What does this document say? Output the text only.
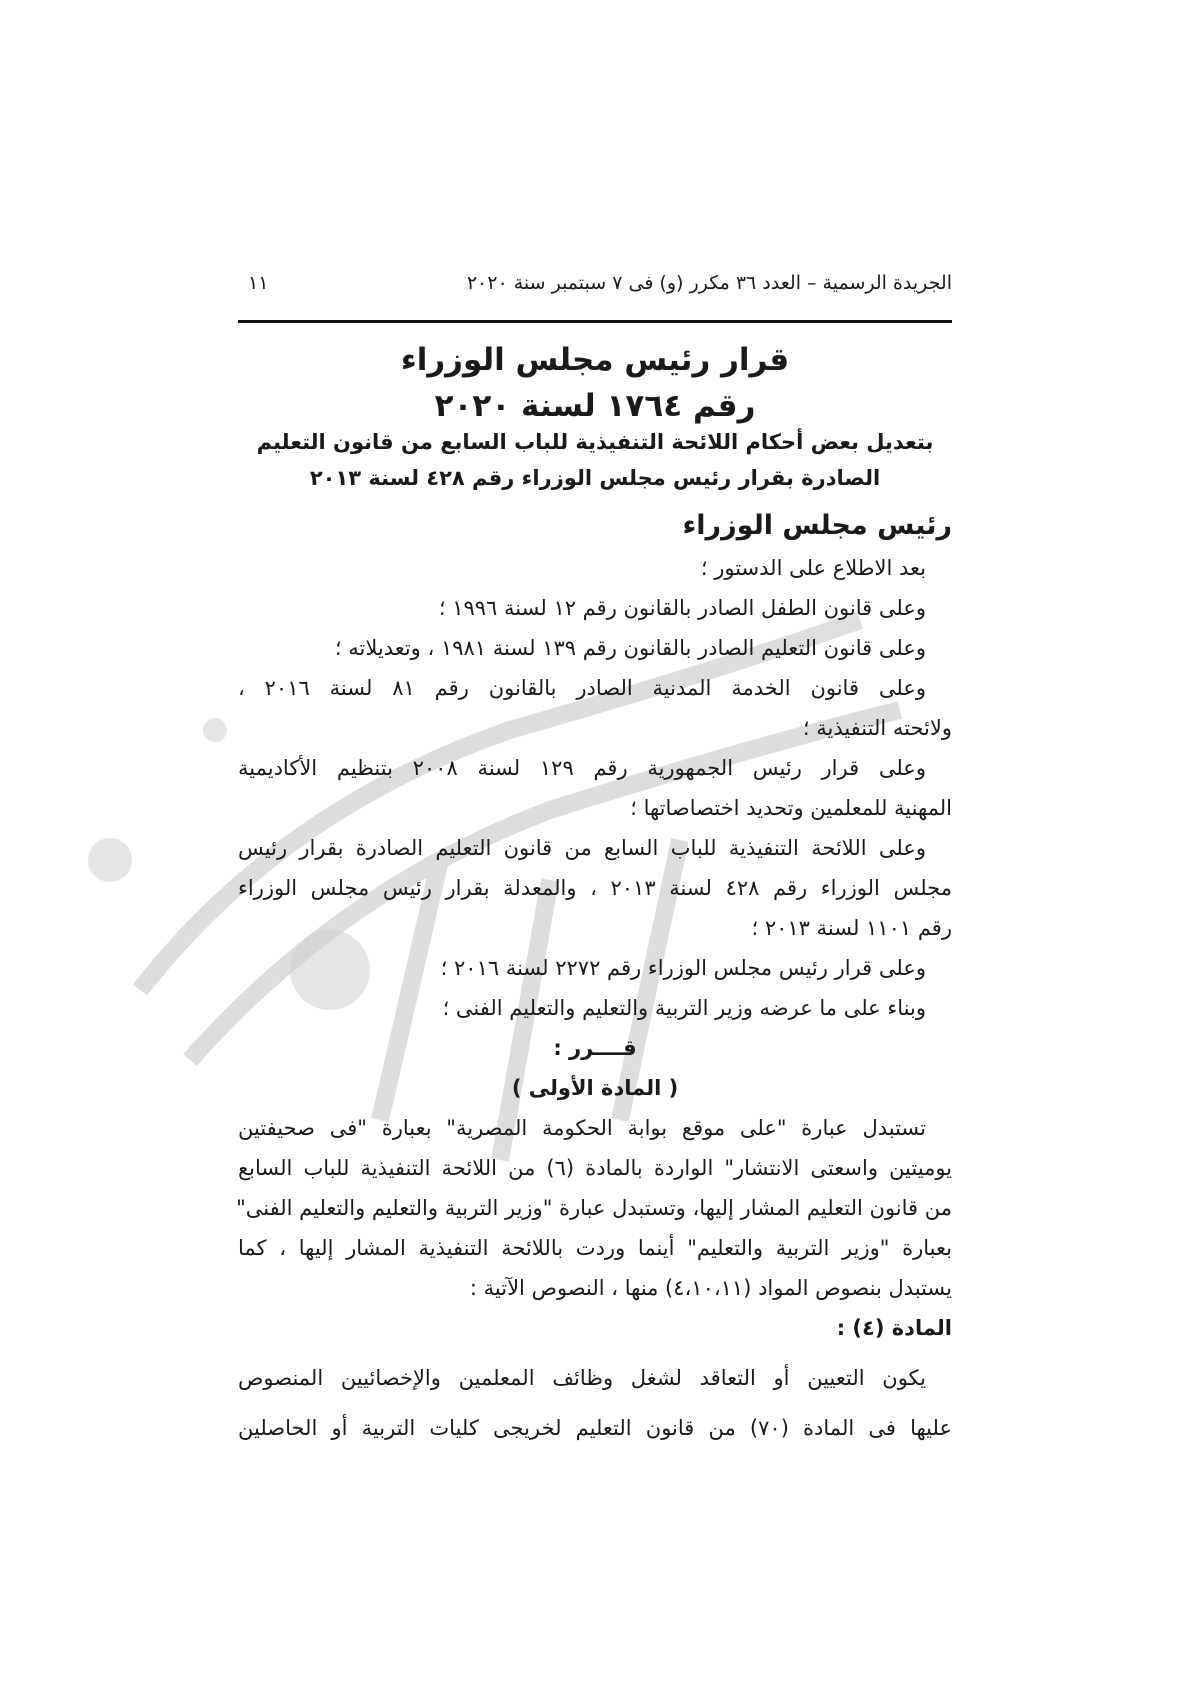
الجريدة الرسمية – العدد ٣٦ مكرر (و) فى ٧ سبتمبر سنة ٢٠٢٠
١١
قرار رئيس مجلس الوزراء
رقم ١٧٦٤ لسنة ٢٠٢٠
بتعديل بعض أحكام اللائحة التنفيذية للباب السابع من قانون التعليم
الصادرة بقرار رئيس مجلس الوزراء رقم ٤٢٨ لسنة ٢٠١٣
رئيس مجلس الوزراء
بعد الاطلاع على الدستور ؛
وعلى قانون الطفل الصادر بالقانون رقم ١٢ لسنة ١٩٩٦ ؛
وعلى قانون التعليم الصادر بالقانون رقم ١٣٩ لسنة ١٩٨١ ، وتعديلاته ؛
وعلى قانون الخدمة المدنية الصادر بالقانون رقم ٨١ لسنة ٢٠١٦ ،
ولائحته التنفيذية ؛
وعلى قرار رئيس الجمهورية رقم ١٢٩ لسنة ٢٠٠٨ بتنظيم الأكاديمية
المهنية للمعلمين وتحديد اختصاصاتها ؛
وعلى اللائحة التنفيذية للباب السابع من قانون التعليم الصادرة بقرار رئيس
مجلس الوزراء رقم ٤٢٨ لسنة ٢٠١٣ ، والمعدلة بقرار رئيس مجلس الوزراء
رقم ١١٠١ لسنة ٢٠١٣ ؛
وعلى قرار رئيس مجلس الوزراء رقم ٢٢٧٢ لسنة ٢٠١٦ ؛
وبناء على ما عرضه وزير التربية والتعليم والتعليم الفنى ؛
قــــرر :
( المادة الأولى )
تستبدل عبارة "على موقع بوابة الحكومة المصرية" بعبارة "فى صحيفتين
يوميتين واسعتى الانتشار" الواردة بالمادة (٦) من اللائحة التنفيذية للباب السابع
من قانون التعليم المشار إليها، وتستبدل عبارة "وزير التربية والتعليم والتعليم الفنى"
بعبارة "وزير التربية والتعليم" أينما وردت باللائحة التنفيذية المشار إليها ، كما
يستبدل بنصوص المواد (٤،١٠،١١) منها ، النصوص الآتية :
المادة (٤) :
يكون التعيين أو التعاقد لشغل وظائف المعلمين والإخصائيين المنصوص
عليها فى المادة (٧٠) من قانون التعليم لخريجى كليات التربية أو الحاصلين
